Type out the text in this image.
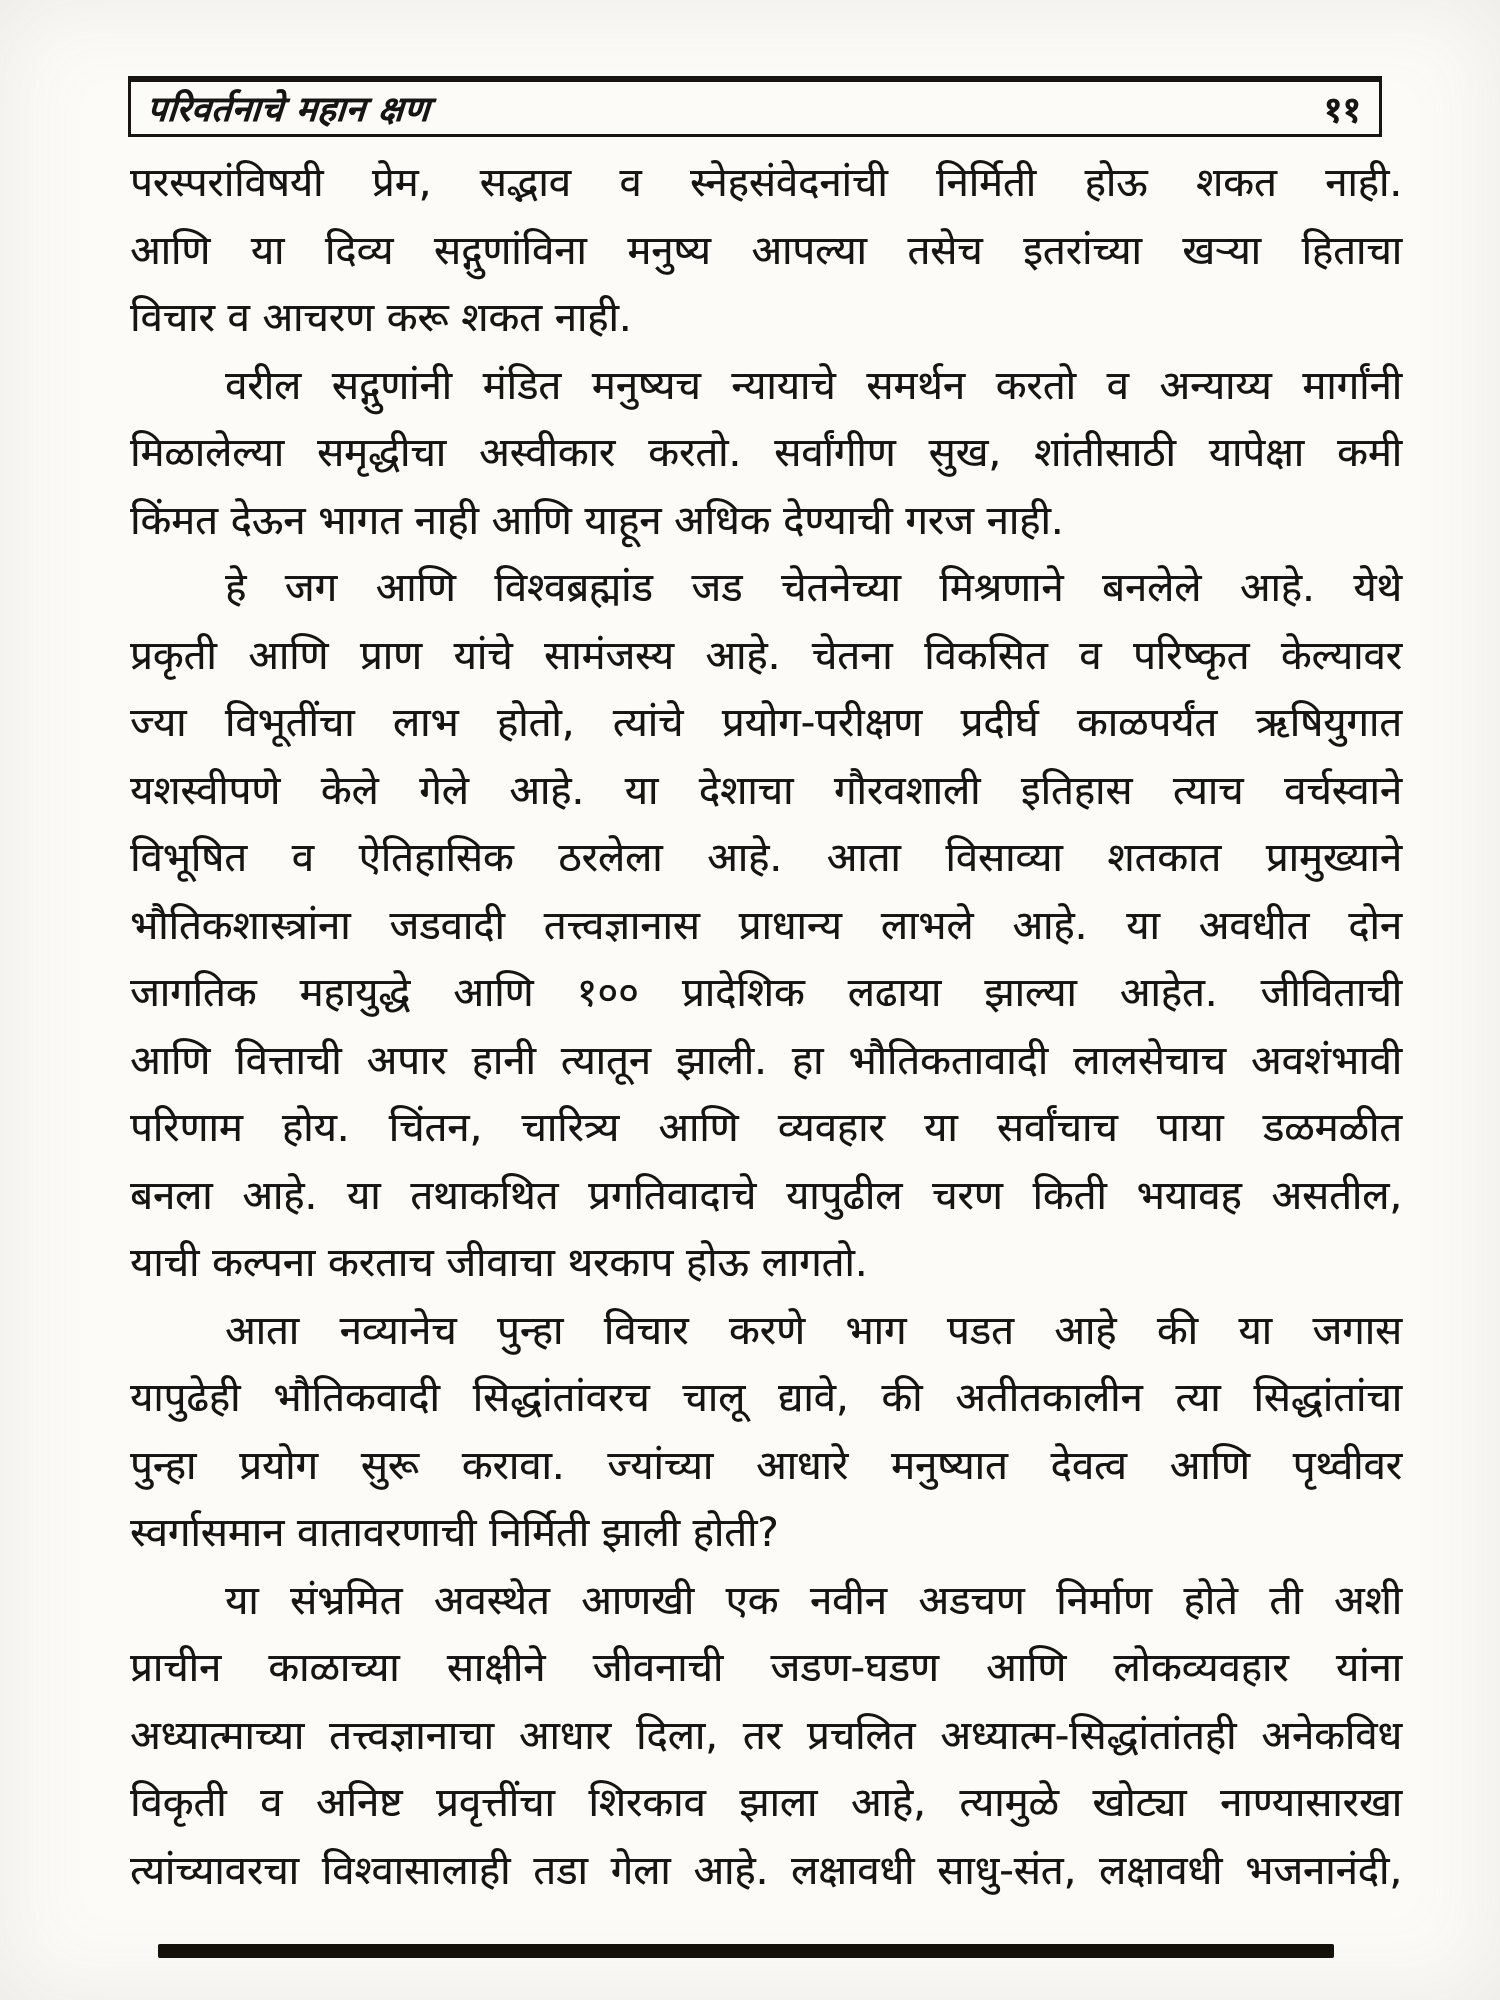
परिवर्तनाचे महान क्षण	११
परस्परांविषयी प्रेम, सद्भाव व स्नेहसंवेदनांची निर्मिती होऊ शकत नाही.
आणि या दिव्य सद्गुणांविना मनुष्य आपल्या तसेच इतरांच्या खऱ्या हिताचा
विचार व आचरण करू शकत नाही.
वरील सद्गुणांनी मंडित मनुष्यच न्यायाचे समर्थन करतो व अन्याय्य मार्गांनी
मिळालेल्या समृद्धीचा अस्वीकार करतो. सर्वांगीण सुख, शांतीसाठी यापेक्षा कमी
किंमत देऊन भागत नाही आणि याहून अधिक देण्याची गरज नाही.
हे जग आणि विश्वब्रह्मांड जड चेतनेच्या मिश्रणाने बनलेले आहे. येथे
प्रकृती आणि प्राण यांचे सामंजस्य आहे. चेतना विकसित व परिष्कृत केल्यावर
ज्या विभूतींचा लाभ होतो, त्यांचे प्रयोग-परीक्षण प्रदीर्घ काळपर्यंत ऋषियुगात
यशस्वीपणे केले गेले आहे. या देशाचा गौरवशाली इतिहास त्याच वर्चस्वाने
विभूषित व ऐतिहासिक ठरलेला आहे. आता विसाव्या शतकात प्रामुख्याने
भौतिकशास्त्रांना जडवादी तत्त्वज्ञानास प्राधान्य लाभले आहे. या अवधीत दोन
जागतिक महायुद्धे आणि १०० प्रादेशिक लढाया झाल्या आहेत. जीविताची
आणि वित्ताची अपार हानी त्यातून झाली. हा भौतिकतावादी लालसेचाच अवशंभावी
परिणाम होय. चिंतन, चारित्र्य आणि व्यवहार या सर्वांचाच पाया डळमळीत
बनला आहे. या तथाकथित प्रगतिवादाचे यापुढील चरण किती भयावह असतील,
याची कल्पना करताच जीवाचा थरकाप होऊ लागतो.
आता नव्यानेच पुन्हा विचार करणे भाग पडत आहे की या जगास
यापुढेही भौतिकवादी सिद्धांतांवरच चालू द्यावे, की अतीतकालीन त्या सिद्धांतांचा
पुन्हा प्रयोग सुरू करावा. ज्यांच्या आधारे मनुष्यात देवत्व आणि पृथ्वीवर
स्वर्गासमान वातावरणाची निर्मिती झाली होती?
या संभ्रमित अवस्थेत आणखी एक नवीन अडचण निर्माण होते ती अशी
प्राचीन काळाच्या साक्षीने जीवनाची जडण-घडण आणि लोकव्यवहार यांना
अध्यात्माच्या तत्त्वज्ञानाचा आधार दिला, तर प्रचलित अध्यात्म-सिद्धांतांतही अनेकविध
विकृती व अनिष्ट प्रवृत्तींचा शिरकाव झाला आहे, त्यामुळे खोट्या नाण्यासारखा
त्यांच्यावरचा विश्वासालाही तडा गेला आहे. लक्षावधी साधु-संत, लक्षावधी भजनानंदी,
